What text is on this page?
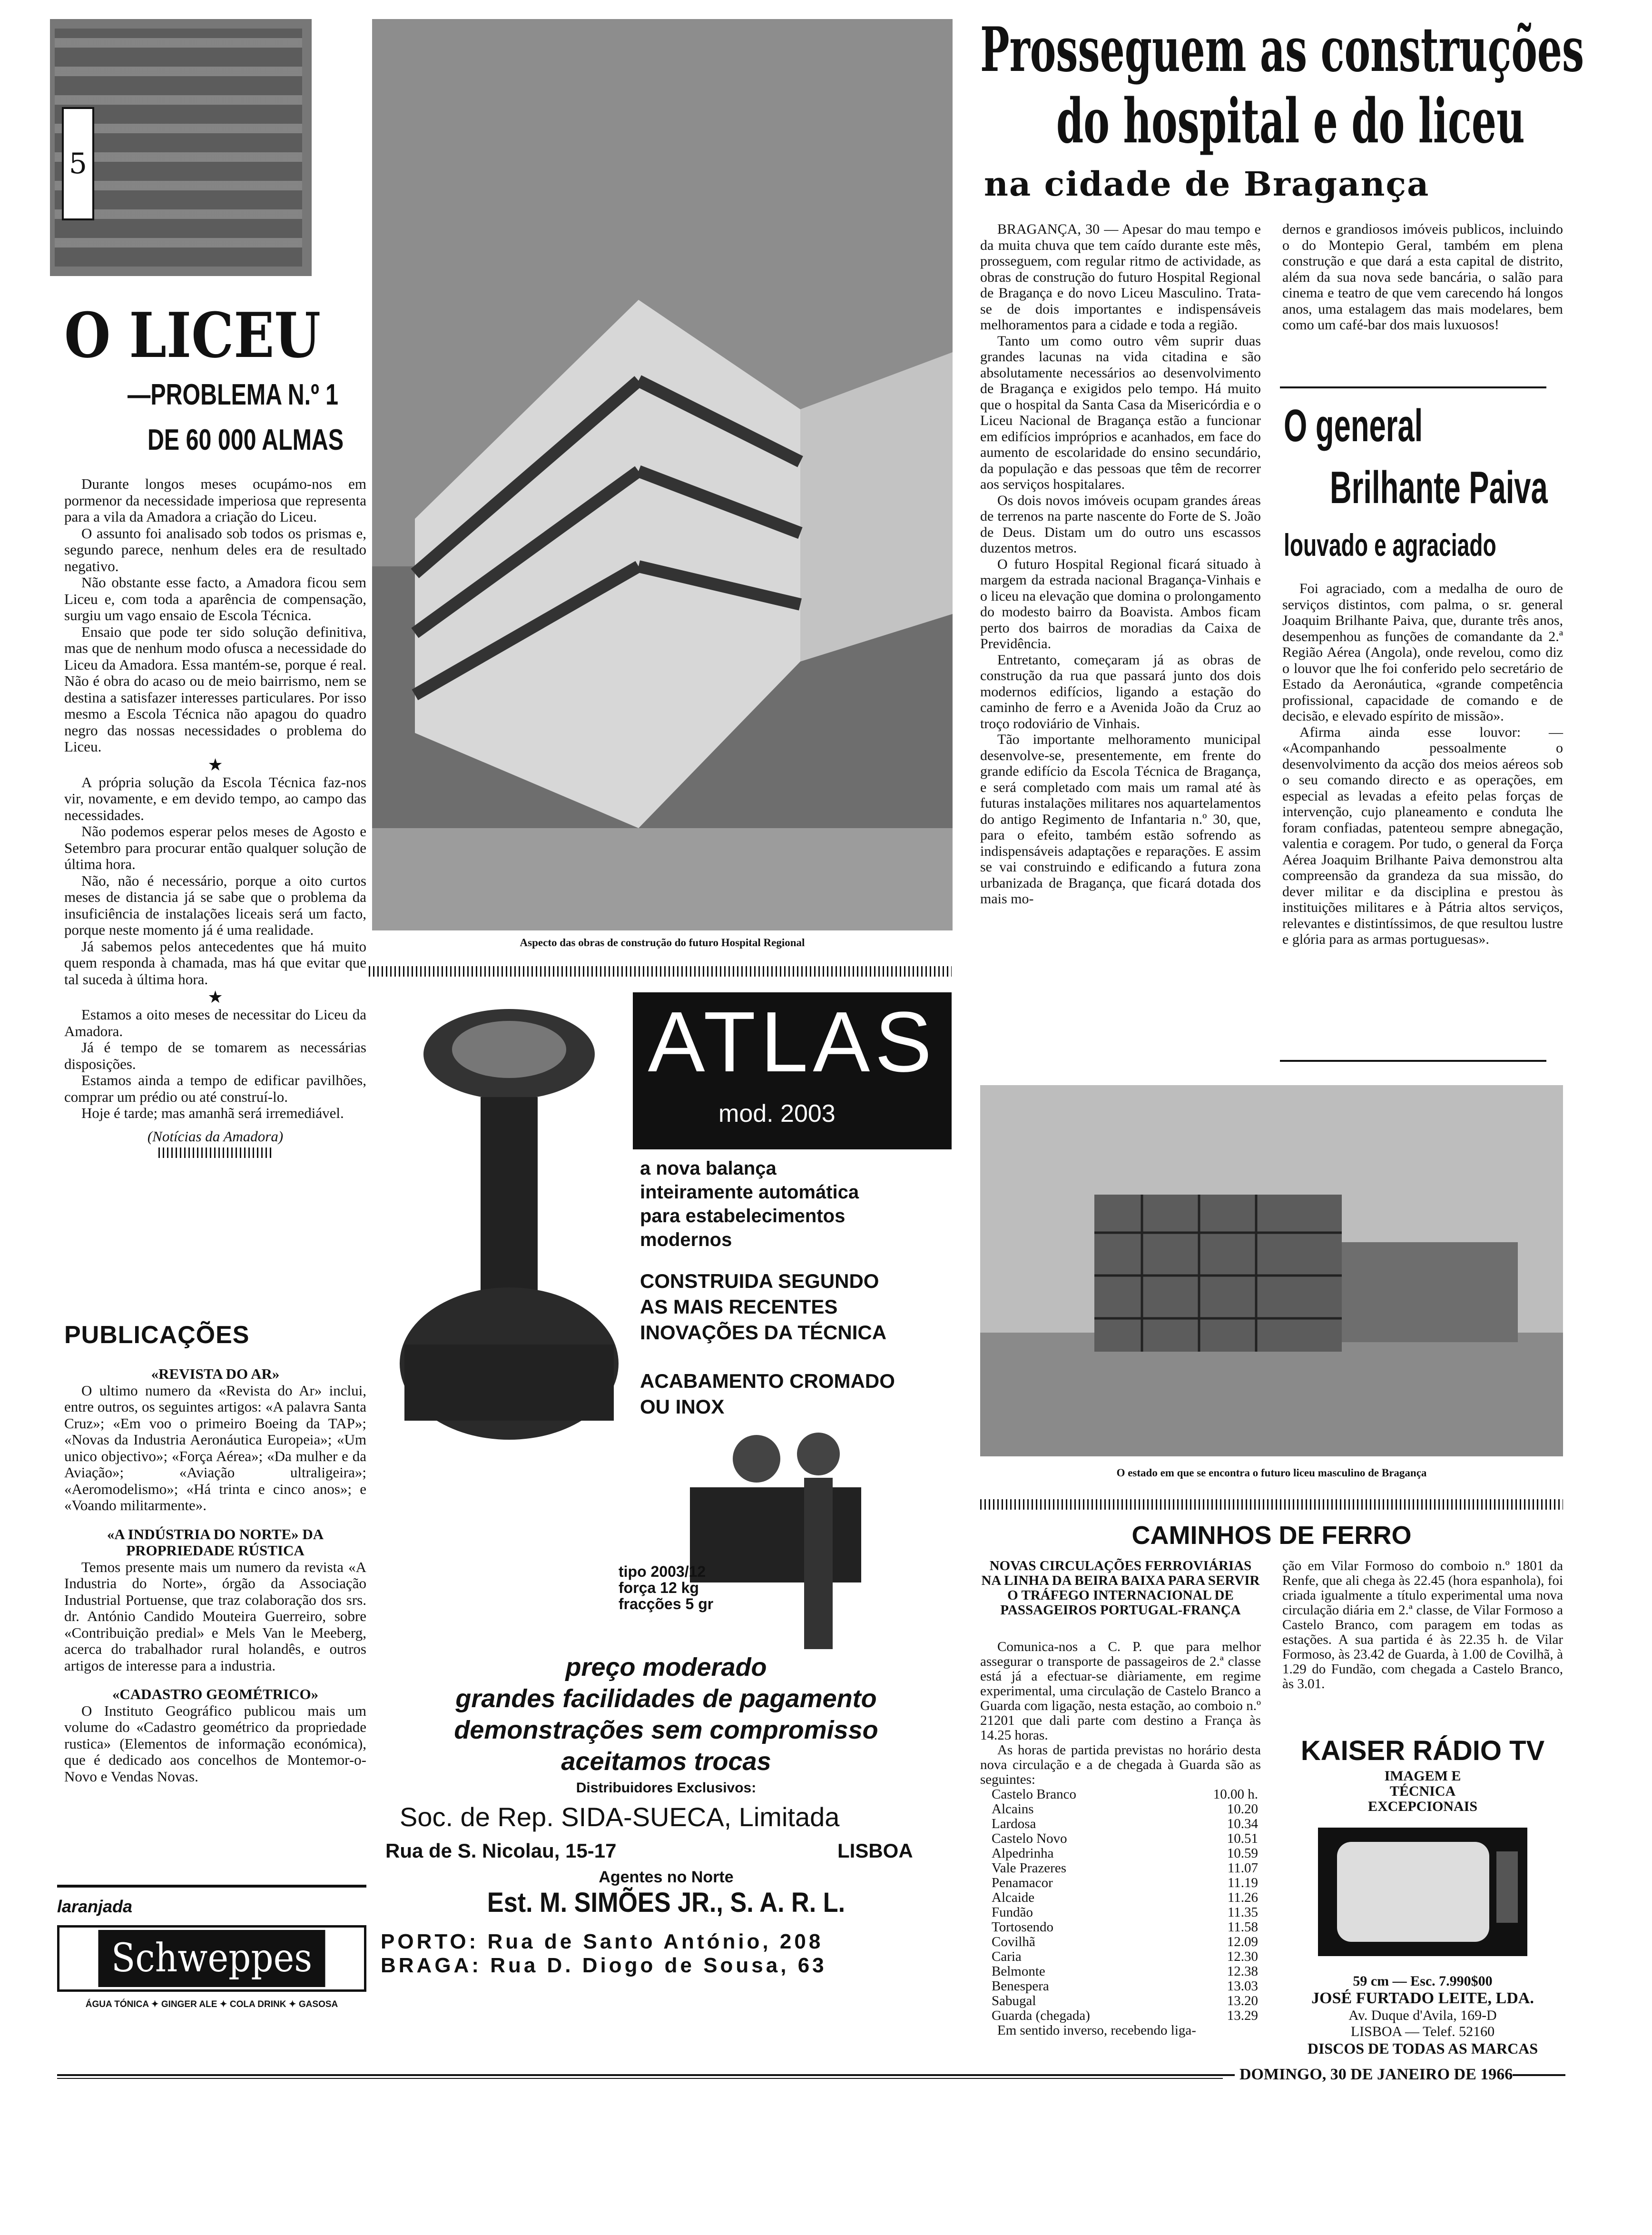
5
O LICEU
—PROBLEMA N.º 1
DE 60 000 ALMAS

Durante longos meses ocupámo-nos em pormenor da necessidade imperiosa que representa para a vila da Amadora a criação do Liceu.

O assunto foi analisado sob todos os prismas e, segundo parece, nenhum deles era de resultado negativo.

Não obstante esse facto, a Amadora ficou sem Liceu e, com toda a aparência de compensação, surgiu um vago ensaio de Escola Técnica.

Ensaio que pode ter sido solução definitiva, mas que de nenhum modo ofusca a necessidade do Liceu da Amadora. Essa mantém-se, porque é real. Não é obra do acaso ou de meio bairrismo, nem se destina a satisfazer interesses particulares. Por isso mesmo a Escola Técnica não apagou do quadro negro das nossas necessidades o problema do Liceu.

★

A própria solução da Escola Técnica faz-nos vir, novamente, e em devido tempo, ao campo das necessidades.

Não podemos esperar pelos meses de Agosto e Setembro para procurar então qualquer solução de última hora.

Não, não é necessário, porque a oito curtos meses de distancia já se sabe que o problema da insuficiência de instalações liceais será um facto, porque neste momento já é uma realidade.

Já sabemos pelos antecedentes que há muito quem responda à chamada, mas há que evitar que tal suceda à última hora.

★

Estamos a oito meses de necessitar do Liceu da Amadora.

Já é tempo de se tomarem as necessárias disposições.

Estamos ainda a tempo de edificar pavilhões, comprar um prédio ou até construí-lo.

Hoje é tarde; mas amanhã será irremediável.

(Notícias da Amadora)
PUBLICAÇÕES
«REVISTA DO AR»

O ultimo numero da «Revista do Ar» inclui, entre outros, os seguintes artigos: «A palavra Santa Cruz»; «Em voo o primeiro Boeing da TAP»; «Novas da Industria Aeronáutica Europeia»; «Um unico objectivo»; «Força Aérea»; «Da mulher e da Aviação»; «Aviação ultraligeira»; «Aeromodelismo»; «Há trinta e cinco anos»; e «Voando militarmente».

«A INDÚSTRIA DO NORTE» DA PROPRIEDADE RÚSTICA

Temos presente mais um numero da revista «A Industria do Norte», órgão da Associação Industrial Portuense, que traz colaboração dos srs. dr. António Candido Mouteira Guerreiro, sobre «Contribuição predial» e Mels Van le Meeberg, acerca do trabalhador rural holandês, e outros artigos de interesse para a industria.

«CADASTRO GEOMÉTRICO»

O Instituto Geográfico publicou mais um volume do «Cadastro geométrico da propriedade rustica» (Elementos de informação económica), que é dedicado aos concelhos de Montemor-o-Novo e Vendas Novas.

laranjada
Schweppes
ÁGUA TÓNICA ✦ GINGER ALE ✦ COLA DRINK ✦ GASOSA
Aspecto das obras de construção do futuro Hospital Regional
ATLAS
mod. 2003
a nova balança
inteiramente automática
para estabelecimentos
modernos
CONSTRUIDA SEGUNDO
AS MAIS RECENTES
INOVAÇÕES DA TÉCNICA
ACABAMENTO CROMADO
OU INOX
tipo 2003/12
força 12 kg
fracções 5 gr
preço moderado
grandes facilidades de pagamento
demonstrações sem compromisso
aceitamos trocas
Distribuidores Exclusivos:
Soc. de Rep. SIDA-SUECA, Limitada
Rua de S. Nicolau, 15-17	LISBOA
Agentes no Norte
Est. M. SIMÕES JR., S. A. R. L.
PORTO: Rua de Santo António, 208
BRAGA: Rua D. Diogo de Sousa, 63
Prosseguem as construções
do hospital e do liceu
na cidade de Bragança

BRAGANÇA, 30 — Apesar do mau tempo e da muita chuva que tem caído durante este mês, prosseguem, com regular ritmo de actividade, as obras de construção do futuro Hospital Regional de Bragança e do novo Liceu Masculino. Trata-se de dois importantes e indispensáveis melhoramentos para a cidade e toda a região.

Tanto um como outro vêm suprir duas grandes lacunas na vida citadina e são absolutamente necessários ao desenvolvimento de Bragança e exigidos pelo tempo. Há muito que o hospital da Santa Casa da Misericórdia e o Liceu Nacional de Bragança estão a funcionar em edifícios impróprios e acanhados, em face do aumento de escolaridade do ensino secundário, da população e das pessoas que têm de recorrer aos serviços hospitalares.

Os dois novos imóveis ocupam grandes áreas de terrenos na parte nascente do Forte de S. João de Deus. Distam um do outro uns escassos duzentos metros.

O futuro Hospital Regional ficará situado à margem da estrada nacional Bragança-Vinhais e o liceu na elevação que domina o prolongamento do modesto bairro da Boavista. Ambos ficam perto dos bairros de moradias da Caixa de Previdência.

Entretanto, começaram já as obras de construção da rua que passará junto dos dois modernos edifícios, ligando a estação do caminho de ferro e a Avenida João da Cruz ao troço rodoviário de Vinhais.

Tão importante melhoramento municipal desenvolve-se, presentemente, em frente do grande edifício da Escola Técnica de Bragança, e será completado com mais um ramal até às futuras instalações militares nos aquartelamentos do antigo Regimento de Infantaria n.º 30, que, para o efeito, também estão sofrendo as indispensáveis adaptações e reparações. E assim se vai construindo e edificando a futura zona urbanizada de Bragança, que ficará dotada dos mais mo-

dernos e grandiosos imóveis publicos, incluindo o do Montepio Geral, também em plena construção e que dará a esta capital de distrito, além da sua nova sede bancária, o salão para cinema e teatro de que vem carecendo há longos anos, uma estalagem das mais modelares, bem como um café-bar dos mais luxuosos!

O general
Brilhante Paiva
louvado e agraciado

Foi agraciado, com a medalha de ouro de serviços distintos, com palma, o sr. general Joaquim Brilhante Paiva, que, durante três anos, desempenhou as funções de comandante da 2.ª Região Aérea (Angola), onde revelou, como diz o louvor que lhe foi conferido pelo secretário de Estado da Aeronáutica, «grande competência profissional, capacidade de comando e de decisão, e elevado espírito de missão».

Afirma ainda esse louvor: — «Acompanhando pessoalmente o desenvolvimento da acção dos meios aéreos sob o seu comando directo e as operações, em especial as levadas a efeito pelas forças de intervenção, cujo planeamento e conduta lhe foram confiadas, patenteou sempre abnegação, valentia e coragem. Por tudo, o general da Força Aérea Joaquim Brilhante Paiva demonstrou alta compreensão da grandeza da sua missão, do dever militar e da disciplina e prestou às instituições militares e à Pátria altos serviços, relevantes e distintíssimos, de que resultou lustre e glória para as armas portuguesas».

O estado em que se encontra o futuro liceu masculino de Bragança
CAMINHOS DE FERRO
NOVAS CIRCULAÇÕES FERROVIÁRIAS NA LINHA DA BEIRA BAIXA PARA SERVIR O TRÁFEGO INTERNACIONAL DE PASSAGEIROS PORTUGAL-FRANÇA

Comunica-nos a C. P. que para melhor assegurar o transporte de passageiros de 2.ª classe está já a efectuar-se diàriamente, em regime experimental, uma circulação de Castelo Branco a Guarda com ligação, nesta estação, ao comboio n.º 21201 que dali parte com destino a França às 14.25 horas.

As horas de partida previstas no horário desta nova circulação e a de chegada à Guarda são as seguintes:

Castelo Branco	10.00 h.
Alcains	10.20
Lardosa	10.34
Castelo Novo	10.51
Alpedrinha	10.59
Vale Prazeres	11.07
Penamacor	11.19
Alcaide	11.26
Fundão	11.35
Tortosendo	11.58
Covilhã	12.09
Caria	12.30
Belmonte	12.38
Benespera	13.03
Sabugal	13.20
Guarda (chegada)	13.29

Em sentido inverso, recebendo liga-

ção em Vilar Formoso do comboio n.º 1801 da Renfe, que ali chega às 22.45 (hora espanhola), foi criada igualmente a título experimental uma nova circulação diária em 2.ª classe, de Vilar Formoso a Castelo Branco, com paragem em todas as estações. A sua partida é às 22.35 h. de Vilar Formoso, às 23.42 de Guarda, à 1.00 de Covilhã, à 1.29 do Fundão, com chegada a Castelo Branco, às 3.01.

KAISER RÁDIO TV
IMAGEM E TÉCNICA EXCEPCIONAIS
59 cm — Esc. 7.990$00
JOSÉ FURTADO LEITE, LDA.
Av. Duque d'Avila, 169-D
LISBOA — Telef. 52160
DISCOS DE TODAS AS MARCAS
DOMINGO, 30 DE JANEIRO DE 1966
